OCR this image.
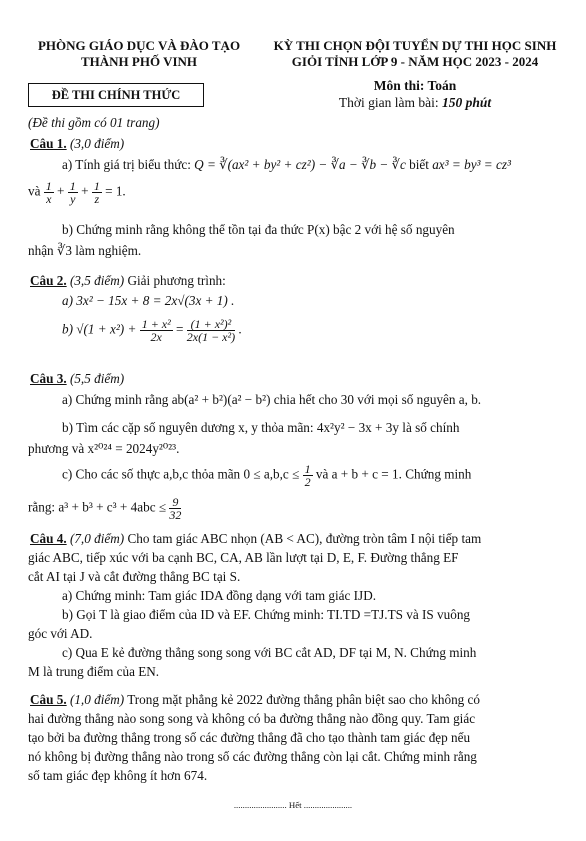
PHÒNG GIÁO DỤC VÀ ĐÀO TẠO
THÀNH PHỐ VINH
KỲ THI CHỌN ĐỘI TUYỂN DỰ THI HỌC SINH
GIỎI TỈNH LỚP 9 - NĂM HỌC 2023 - 2024
ĐỀ THI CHÍNH THỨC
Môn thi: Toán
Thời gian làm bài: 150 phút
(Đề thi gồm có 01 trang)
Câu 1. (3,0 điểm)
a) Tính giá trị biểu thức: Q = ∛(ax² + by² + cz²) − ∛a − ∛b − ∛c biết ax³ = by³ = cz³
và $\frac{1}{x} + \frac{1}{y} + \frac{1}{z} = 1$.
b) Chứng minh rằng không thể tồn tại đa thức P(x) bậc 2 với hệ số nguyên
nhận ∛3 làm nghiệm.
Câu 2. (3,5 điểm) Giải phương trình:
a) 3x² − 15x + 8 = 2x√(3x + 1) .
b) $√(1 + x^2) + \frac{\text{1 + x²}}{2x} = \frac{\text{(1 + x²)²}}{\text{2x(1 − x²)}}$ .
Câu 3. (5,5 điểm)
a) Chứng minh rằng ab(a² + b²)(a² − b²) chia hết cho 30 với mọi số nguyên a, b.
b) Tìm các cặp số nguyên dương x, y thỏa mãn: 4x²y² − 3x + 3y là số chính
phương và x²⁰²⁴ = 2024y²⁰²³.
c) Cho các số thực a,b,c thỏa mãn $0 \le a,b,c \le \frac{1}{2}$ và a + b + c = 1. Chứng minh
rằng: $a^3 + b^3 + c^3 + 4abc \le \frac{9}{32}$
Câu 4. (7,0 điểm) Cho tam giác ABC nhọn (AB < AC), đường tròn tâm I nội tiếp tam
giác ABC, tiếp xúc với ba cạnh BC, CA, AB lần lượt tại D, E, F. Đường thẳng EF
cắt AI tại J và cắt đường thẳng BC tại S.
a) Chứng minh: Tam giác IDA đồng dạng với tam giác IJD.
b) Gọi T là giao điểm của ID và EF. Chứng minh: TI.TD =TJ.TS và IS vuông
góc với AD.
c) Qua E kẻ đường thẳng song song với BC cắt AD, DF tại M, N. Chứng minh
M là trung điểm của EN.
Câu 5. (1,0 điểm) Trong mặt phẳng kẻ 2022 đường thẳng phân biệt sao cho không có
hai đường thẳng nào song song và không có ba đường thẳng nào đồng quy. Tam giác
tạo bởi ba đường thẳng trong số các đường thẳng đã cho tạo thành tam giác đẹp nếu
nó không bị đường thẳng nào trong số các đường thẳng còn lại cắt. Chứng minh rằng
số tam giác đẹp không ít hơn 674.
........................ Hết ......................
